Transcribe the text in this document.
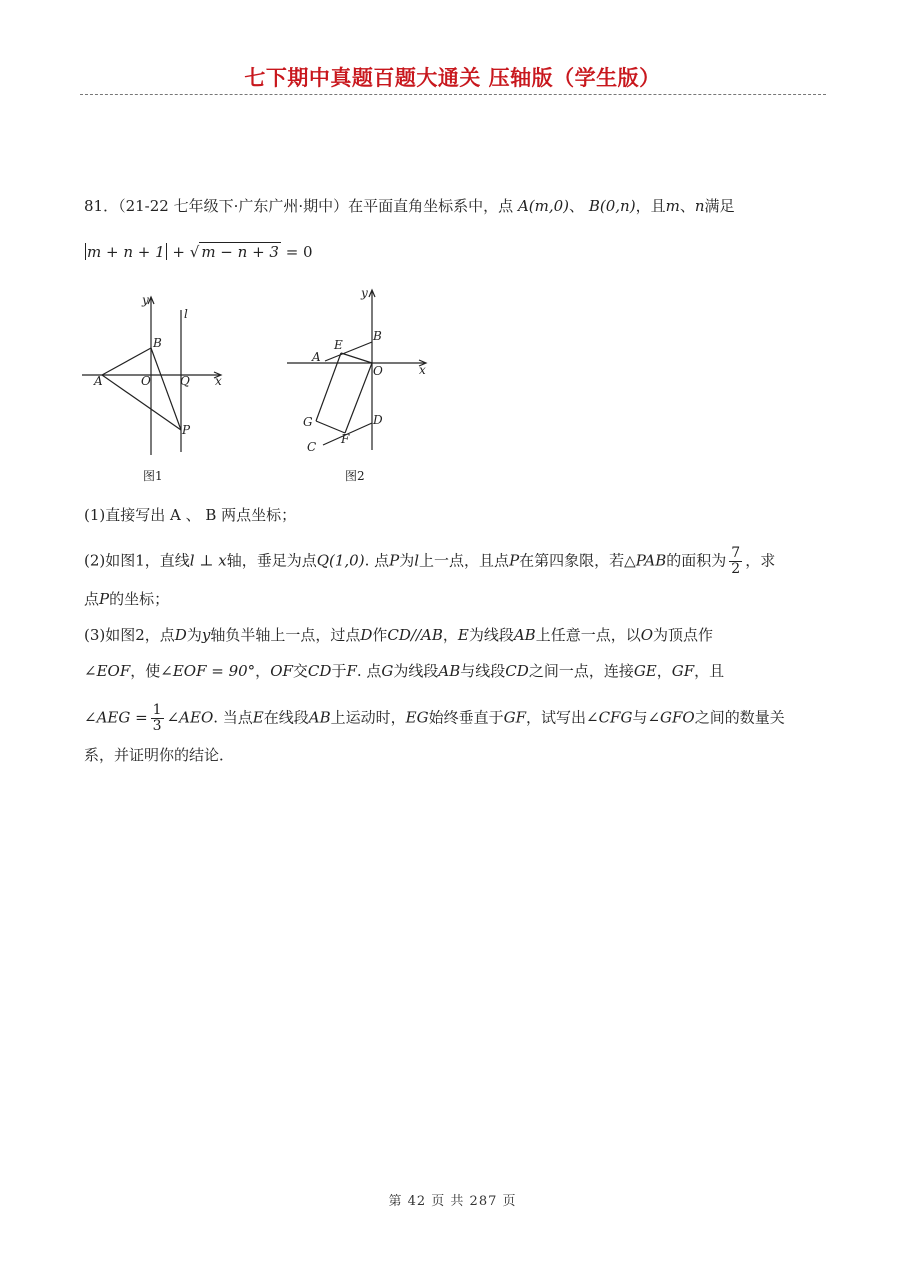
七下期中真题百题大通关 压轴版（学生版）
81．（21-22 七年级下·广东广州·期中）在平面直角坐标系中，点 A(m,0)、 B(0,n)，且m、n满足
m + n + 1 + √ m − n + 3 = 0
y
l
x
B
A	O Q
P
图1
y
B
E
A
O	x
G	D
F
C
图2
(1)直接写出 A 、 B 两点坐标；
(2)如图1，直线l ⊥ x轴，垂足为点Q(1,0). 点P为l上一点，且点P在第四象限，若△PAB的面积为 $\frac{7}{2}$ ，求
点P的坐标；
(3)如图2，点D为y轴负半轴上一点，过点D作CD//AB，E为线段AB上任意一点，以O为顶点作
∠EOF，使∠EOF = 90°，OF交CD于F. 点G为线段AB与线段CD之间一点，连接GE，GF，且
∠AEG = $\frac{1}{3}$ ∠AEO. 当点E在线段AB上运动时，EG始终垂直于GF，试写出∠CFG与∠GFO之间的数量关
系，并证明你的结论．
第 42 页 共 287 页
